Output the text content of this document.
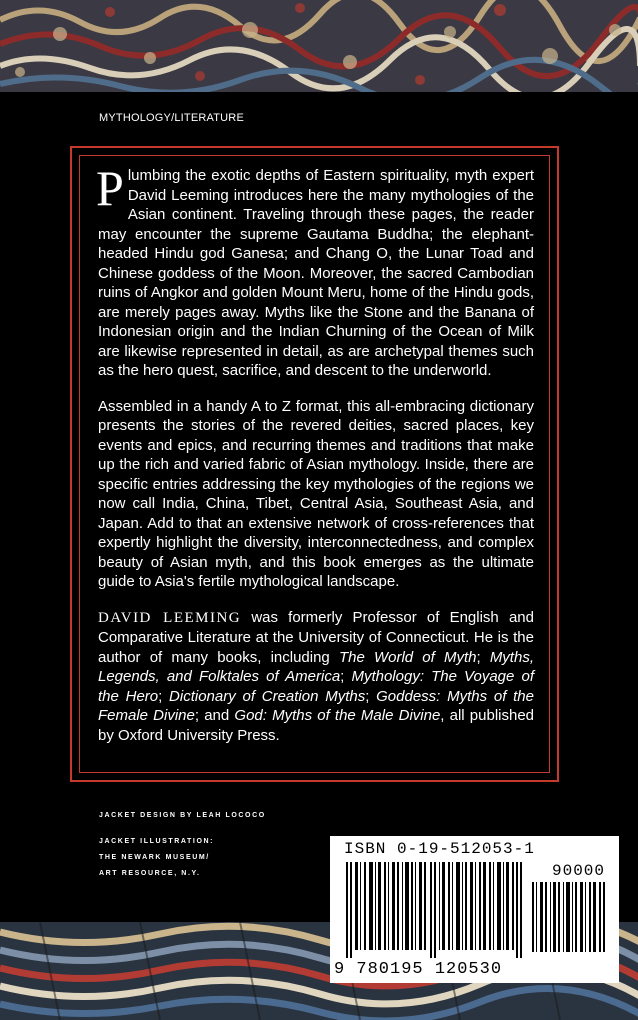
MYTHOLOGY/LITERATURE

Plumbing the exotic depths of Eastern spirituality, myth expert David Leeming introduces here the many mythologies of the Asian continent. Traveling through these pages, the reader may encounter the supreme Gautama Buddha; the elephant-headed Hindu god Ganesa; and Chang O, the Lunar Toad and Chinese goddess of the Moon. Moreover, the sacred Cambodian ruins of Angkor and golden Mount Meru, home of the Hindu gods, are merely pages away. Myths like the Stone and the Banana of Indonesian origin and the Indian Churning of the Ocean of Milk are likewise represented in detail, as are archetypal themes such as the hero quest, sacrifice, and descent to the underworld.

Assembled in a handy A to Z format, this all-embracing dictionary presents the stories of the revered deities, sacred places, key events and epics, and recurring themes and traditions that make up the rich and varied fabric of Asian mythology. Inside, there are specific entries addressing the key mythologies of the regions we now call India, China, Tibet, Central Asia, Southeast Asia, and Japan. Add to that an extensive network of cross-references that expertly highlight the diversity, interconnectedness, and complex beauty of Asian myth, and this book emerges as the ultimate guide to Asia's fertile mythological landscape.

DAVID LEEMING was formerly Professor of English and Comparative Literature at the University of Connecticut. He is the author of many books, including The World of Myth; Myths, Legends, and Folktales of America; Mythology: The Voyage of the Hero; Dictionary of Creation Myths; Goddess: Myths of the Female Divine; and God: Myths of the Male Divine, all published by Oxford University Press.

JACKET DESIGN BY LEAH LOCOCO
JACKET ILLUSTRATION:
THE NEWARK MUSEUM/
ART RESOURCE, N.Y.
ISBN 0-19-512053-1
90000
9 780195 120530
